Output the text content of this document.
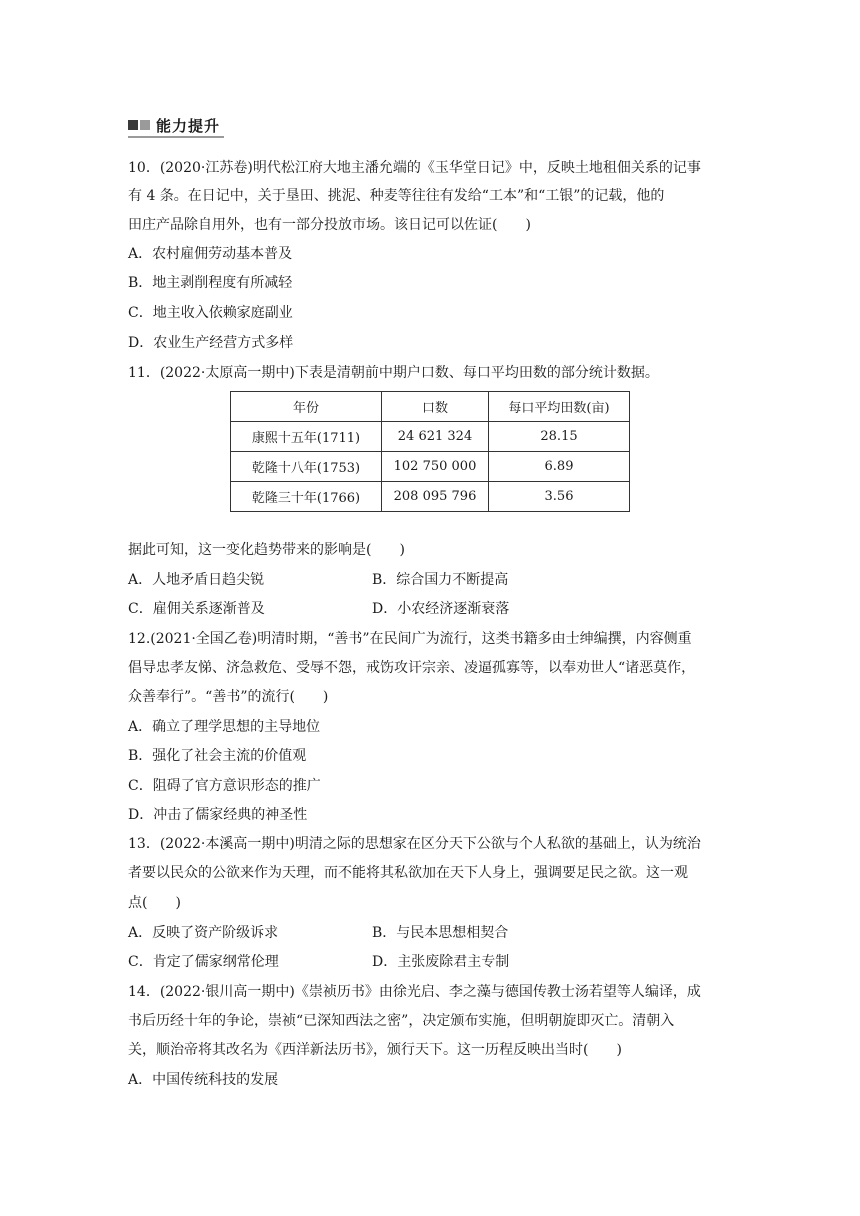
能力提升
10．(2020·江苏卷)明代松江府大地主潘允端的《玉华堂日记》中，反映土地租佃关系的记事
有 4 条。在日记中，关于垦田、挑泥、种麦等往往有发给“工本”和“工银”的记载，他的
田庄产品除自用外，也有一部分投放市场。该日记可以佐证(　　)
A．农村雇佣劳动基本普及
B．地主剥削程度有所减轻
C．地主收入依赖家庭副业
D．农业生产经营方式多样
11．(2022·太原高一期中)下表是清朝前中期户口数、每口平均田数的部分统计数据。
年份	口数	每口平均田数(亩)
康熙十五年(1711)	24 621 324	28.15
乾隆十八年(1753)	102 750 000	6.89
乾隆三十年(1766)	208 095 796	3.56
据此可知，这一变化趋势带来的影响是(　　)
A．人地矛盾日趋尖锐	B．综合国力不断提高
C．雇佣关系逐渐普及	D．小农经济逐渐衰落
12.(2021·全国乙卷)明清时期，“善书”在民间广为流行，这类书籍多由士绅编撰，内容侧重
倡导忠孝友悌、济急救危、受辱不怨，戒饬攻讦宗亲、凌逼孤寡等，以奉劝世人“诸恶莫作，
众善奉行”。“善书”的流行(　　)
A．确立了理学思想的主导地位
B．强化了社会主流的价值观
C．阻碍了官方意识形态的推广
D．冲击了儒家经典的神圣性
13．(2022·本溪高一期中)明清之际的思想家在区分天下公欲与个人私欲的基础上，认为统治
者要以民众的公欲来作为天理，而不能将其私欲加在天下人身上，强调要足民之欲。这一观
点(　　)
A．反映了资产阶级诉求	B．与民本思想相契合
C．肯定了儒家纲常伦理	D．主张废除君主专制
14．(2022·银川高一期中)《崇祯历书》由徐光启、李之藻与德国传教士汤若望等人编译，成
书后历经十年的争论，崇祯“已深知西法之密”，决定颁布实施，但明朝旋即灭亡。清朝入
关，顺治帝将其改名为《西洋新法历书》，颁行天下。这一历程反映出当时(　　)
A．中国传统科技的发展
